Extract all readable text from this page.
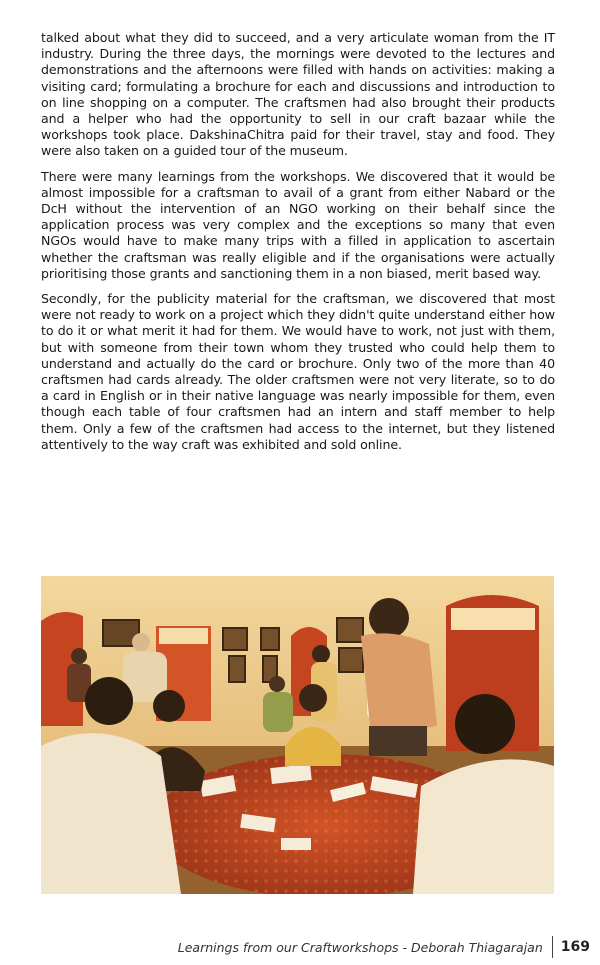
talked about what they did to succeed, and a very articulate woman from the IT industry. During the three days, the mornings were devoted to the lectures and demonstrations and the afternoons were filled with hands on activities: making a visiting card; formulating a brochure for each and discussions and introduction to on line shopping on a computer. The craftsmen had also brought their products and a helper who had the opportunity to sell in our craft bazaar while the workshops took place. DakshinaChitra paid for their travel, stay and food. They were also taken on a guided tour of the museum.

There were many learnings from the workshops. We discovered that it would be almost impossible for a craftsman to avail of a grant from either Nabard or the DcH without the intervention of an NGO working on their behalf since the application process was very complex and the exceptions so many that even NGOs would have to make many trips with a filled in application to ascertain whether the craftsman was really eligible and if the organisations were actually prioritising those grants and sanctioning them in a non biased, merit based way.

Secondly, for the publicity material for the craftsman, we discovered that most were not ready to work on a project which they didn't quite understand either how to do it or what merit it had for them. We would have to work, not just with them, but with someone from their town whom they trusted who could help them to understand and actually do the card or brochure. Only two of the more than 40 craftsmen had cards already. The older craftsmen were not very literate, so to do a card in English or in their native language was nearly impossible for them, even though each table of four craftsmen had an intern and staff member to help them. Only a few of the craftsmen had access to the internet, but they listened attentively to the way craft was exhibited and sold online.

Learnings from our Craftworkshops - Deborah Thiagarajan	169
